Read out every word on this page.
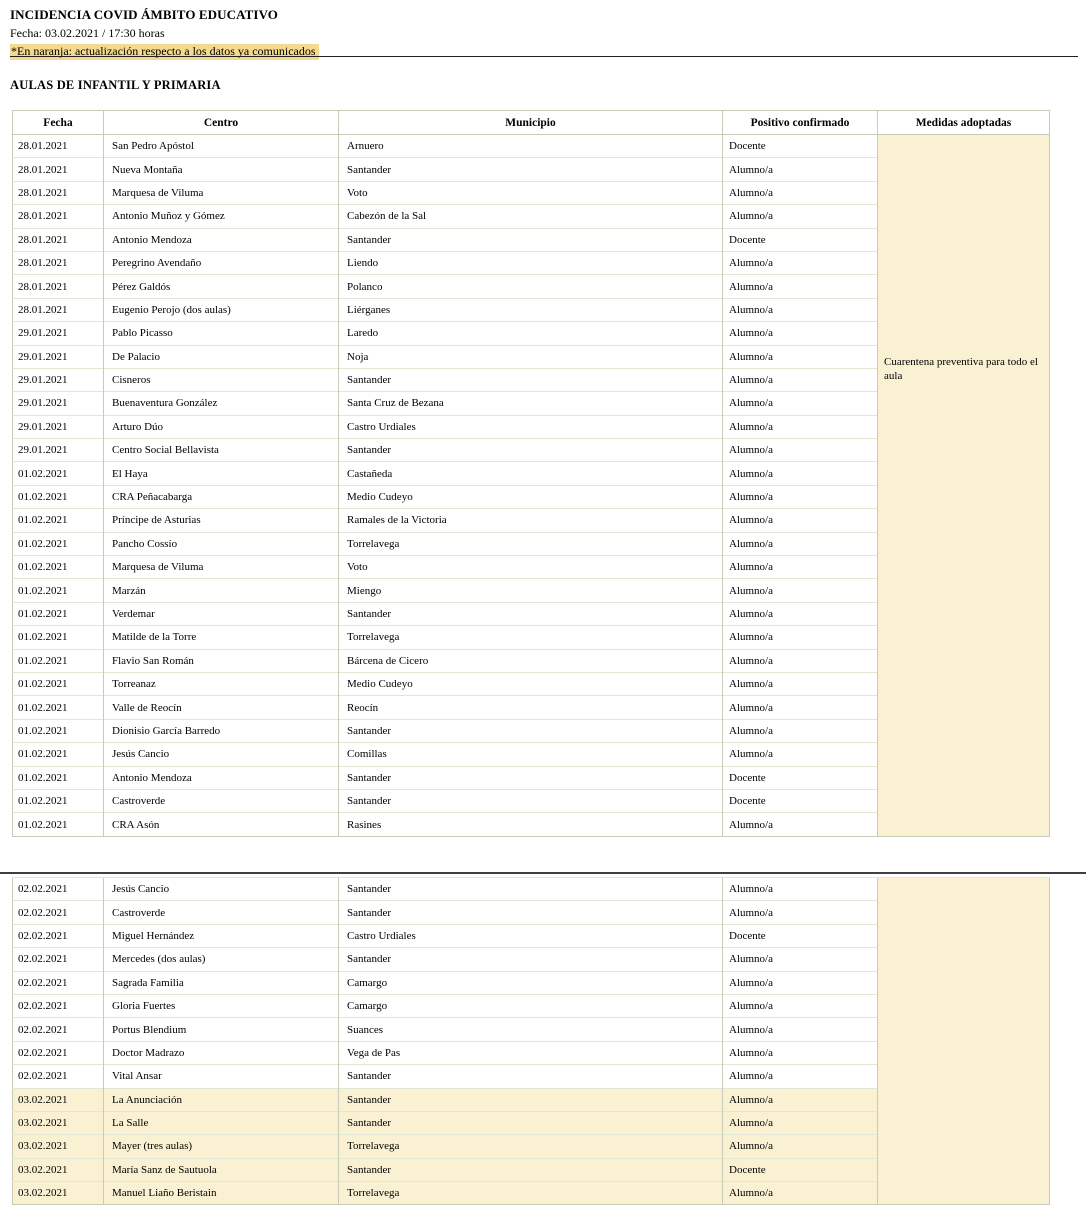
INCIDENCIA COVID ÁMBITO EDUCATIVO
Fecha: 03.02.2021 / 17:30 horas
*En naranja: actualización respecto a los datos ya comunicados
AULAS DE INFANTIL Y PRIMARIA
Fecha	Centro	Municipio	Positivo confirmado	Medidas adoptadas
28.01.2021	San Pedro Apóstol	Arnuero	Docente	Cuarentena preventiva para todo el aula
28.01.2021	Nueva Montaña	Santander	Alumno/a	
28.01.2021	Marquesa de Viluma	Voto	Alumno/a	
28.01.2021	Antonio Muñoz y Gómez	Cabezón de la Sal	Alumno/a	
28.01.2021	Antonio Mendoza	Santander	Docente	
28.01.2021	Peregrino Avendaño	Liendo	Alumno/a	
28.01.2021	Pérez Galdós	Polanco	Alumno/a	
28.01.2021	Eugenio Perojo (dos aulas)	Liérganes	Alumno/a	
29.01.2021	Pablo Picasso	Laredo	Alumno/a	
29.01.2021	De Palacio	Noja	Alumno/a	
29.01.2021	Cisneros	Santander	Alumno/a	
29.01.2021	Buenaventura González	Santa Cruz de Bezana	Alumno/a	
29.01.2021	Arturo Dúo	Castro Urdiales	Alumno/a	
29.01.2021	Centro Social Bellavista	Santander	Alumno/a	
01.02.2021	El Haya	Castañeda	Alumno/a	
01.02.2021	CRA Peñacabarga	Medio Cudeyo	Alumno/a	
01.02.2021	Príncipe de Asturias	Ramales de la Victoria	Alumno/a	
01.02.2021	Pancho Cossío	Torrelavega	Alumno/a	
01.02.2021	Marquesa de Viluma	Voto	Alumno/a	
01.02.2021	Marzán	Miengo	Alumno/a	
01.02.2021	Verdemar	Santander	Alumno/a	
01.02.2021	Matilde de la Torre	Torrelavega	Alumno/a	
01.02.2021	Flavio San Román	Bárcena de Cicero	Alumno/a	
01.02.2021	Torreanaz	Medio Cudeyo	Alumno/a	
01.02.2021	Valle de Reocín	Reocín	Alumno/a	
01.02.2021	Dionisio García Barredo	Santander	Alumno/a	
01.02.2021	Jesús Cancio	Comillas	Alumno/a	
01.02.2021	Antonio Mendoza	Santander	Docente	
01.02.2021	Castroverde	Santander	Docente	
01.02.2021	CRA Asón	Rasines	Alumno/a	
02.02.2021	Jesús Cancio	Santander	Alumno/a	
02.02.2021	Castroverde	Santander	Alumno/a	
02.02.2021	Miguel Hernández	Castro Urdiales	Docente	
02.02.2021	Mercedes (dos aulas)	Santander	Alumno/a	
02.02.2021	Sagrada Familia	Camargo	Alumno/a	
02.02.2021	Gloria Fuertes	Camargo	Alumno/a	
02.02.2021	Portus Blendium	Suances	Alumno/a	
02.02.2021	Doctor Madrazo	Vega de Pas	Alumno/a	
02.02.2021	Vital Ansar	Santander	Alumno/a	
03.02.2021	La Anunciación	Santander	Alumno/a	
03.02.2021	La Salle	Santander	Alumno/a	
03.02.2021	Mayer (tres aulas)	Torrelavega	Alumno/a	
03.02.2021	María Sanz de Sautuola	Santander	Docente	
03.02.2021	Manuel Liaño Beristain	Torrelavega	Alumno/a	
